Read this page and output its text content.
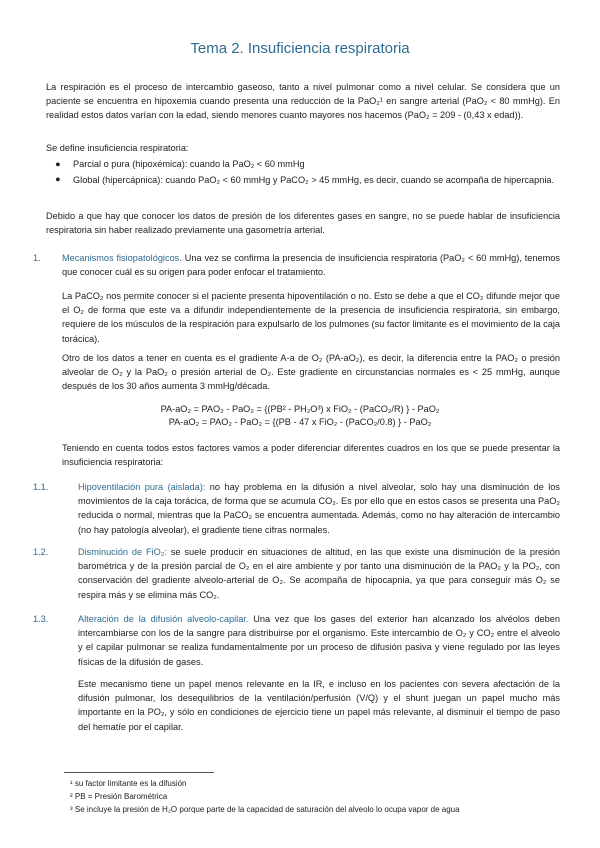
Tema 2. Insuficiencia respiratoria
La respiración es el proceso de intercambio gaseoso, tanto a nivel pulmonar como a nivel celular. Se considera que un paciente se encuentra en hipoxemia cuando presenta una reducción de la PaO₂¹ en sangre arterial (PaO₂ < 80 mmHg). En realidad estos datos varían con la edad, siendo menores cuanto mayores nos hacemos (PaO₂ = 209 - (0,43 x edad)).
Se define insuficiencia respiratoria:
● Parcial o pura (hipoxémica): cuando la PaO₂ < 60 mmHg
● Global (hipercápnica): cuando PaO₂ < 60 mmHg y PaCO₂ > 45 mmHg, es decir, cuando se acompaña de hipercapnia.
Debido a que hay que conocer los datos de presión de los diferentes gases en sangre, no se puede hablar de insuficiencia respiratoria sin haber realizado previamente una gasometría arterial.
1. Mecanismos fisiopatológicos. Una vez se confirma la presencia de insuficiencia respiratoria (PaO₂ < 60 mmHg), tenemos que conocer cuál es su origen para poder enfocar el tratamiento.
La PaCO₂ nos permite conocer si el paciente presenta hipoventilación o no. Esto se debe a que el CO₂ difunde mejor que el O₂ de forma que este va a difundir independientemente de la presencia de insuficiencia respiratoria, sin embargo, requiere de los músculos de la respiración para expulsarlo de los pulmones (su factor limitante es el movimiento de la caja torácica).
Otro de los datos a tener en cuenta es el gradiente A-a de O₂ (PA-aO₂), es decir, la diferencia entre la PAO₂ o presión alveolar de O₂ y la PaO₂ o presión arterial de O₂. Este gradiente en circunstancias normales es < 25 mmHg, aunque después de los 30 años aumenta 3 mmHg/década.
PA-aO₂ = PAO₂ - PaO₂ = {(PB² - PH₂O³) x FiO₂ - (PaCO₂/R) } - PaO₂
PA-aO₂ = PAO₂ - PaO₂ = {(PB - 47 x FiO₂ - (PaCO₂/0.8) } - PaO₂
Teniendo en cuenta todos estos factores vamos a poder diferenciar diferentes cuadros en los que se puede presentar la insuficiencia respiratoria:
1.1.	Hipoventilación pura (aislada): no hay problema en la difusión a nivel alveolar, solo hay una disminución de los movimientos de la caja torácica, de forma que se acumula CO₂. Es por ello que en estos casos se presenta una PaO₂ reducida o normal, mientras que la PaCO₂ se encuentra aumentada. Además, como no hay alteración de intercambio (no hay patología alveolar), el gradiente tiene cifras normales.
1.2.	Disminución de FiO₂: se suele producir en situaciones de altitud, en las que existe una disminución de la presión barométrica y de la presión parcial de O₂ en el aire ambiente y por tanto una disminución de la PAO₂ y la PO₂, con conservación del gradiente alveolo-arterial de O₂. Se acompaña de hipocapnia, ya que para conseguir más O₂ se respira más y se elimina más CO₂.
1.3.	Alteración de la difusión alveolo-capilar. Una vez que los gases del exterior han alcanzado los alvéolos deben intercambiarse con los de la sangre para distribuirse por el organismo. Este intercambio de O₂ y CO₂ entre el alveolo y el capilar pulmonar se realiza fundamentalmente por un proceso de difusión pasiva y viene regulado por las leyes físicas de la difusión de gases.
Este mecanismo tiene un papel menos relevante en la IR, e incluso en los pacientes con severa afectación de la difusión pulmonar, los desequilibrios de la ventilación/perfusión (V/Q) y el shunt juegan un papel mucho más importante en la PO₂, y sólo en condiciones de ejercicio tiene un papel más relevante, al disminuir el tiempo de paso del hematíe por el capilar.
¹ su factor limitante es la difusión
² PB = Presión Barométrica
³ Se incluye la presión de H₂O porque parte de la capacidad de saturación del alveolo lo ocupa vapor de agua
